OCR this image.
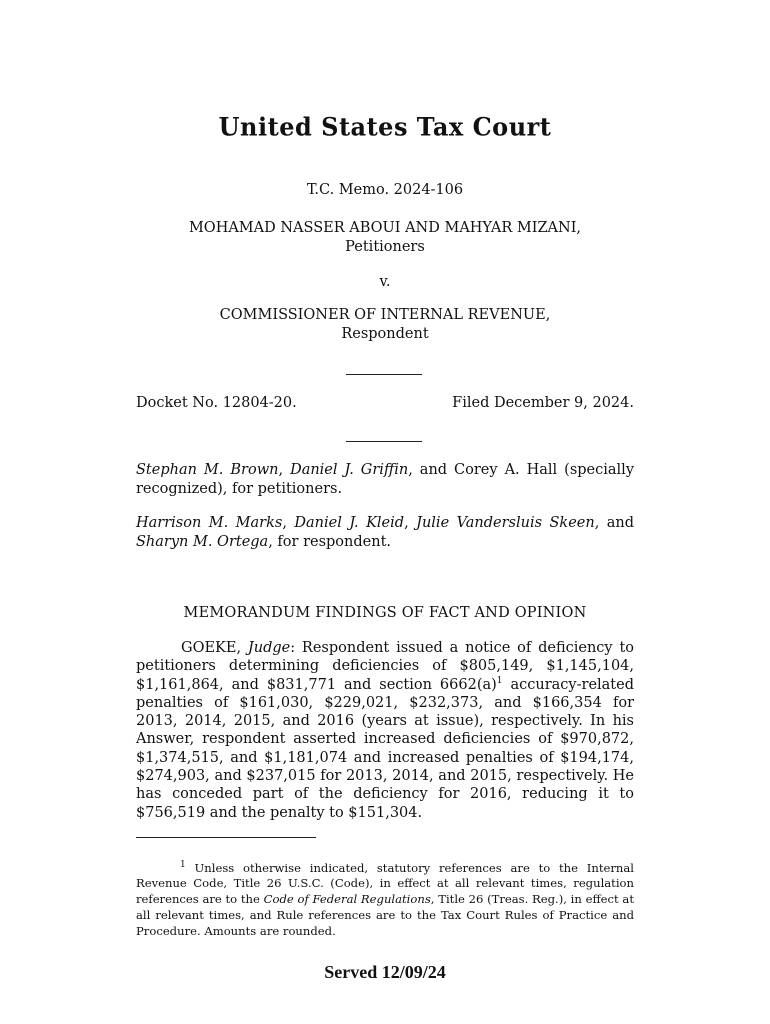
United States Tax Court
T.C. Memo. 2024-106
MOHAMAD NASSER ABOUI AND MAHYAR MIZANI,
Petitioners
v.
COMMISSIONER OF INTERNAL REVENUE,
Respondent
Docket No. 12804-20.	Filed December 9, 2024.

Stephan M. Brown, Daniel J. Griffin, and Corey A. Hall (specially recognized), for petitioners.

Harrison M. Marks, Daniel J. Kleid, Julie Vandersluis Skeen, and Sharyn M. Ortega, for respondent.

MEMORANDUM FINDINGS OF FACT AND OPINION

GOEKE, Judge: Respondent issued a notice of deficiency to petitioners determining deficiencies of $805,149, $1,145,104, $1,161,864, and $831,771 and section $6662(a)^1$ accuracy-related penalties of $161,030, $229,021, $232,373, and $166,354 for 2013, 2014, 2015, and 2016 (years at issue), respectively. In his Answer, respondent asserted increased deficiencies of $970,872, $1,374,515, and $1,181,074 and increased penalties of $194,174, $274,903, and $237,015 for 2013, 2014, and 2015, respectively. He has conceded part of the deficiency for 2016, reducing it to $756,519 and the penalty to $151,304.

$^1$ Unless otherwise indicated, statutory references are to the Internal Revenue Code, Title 26 U.S.C. (Code), in effect at all relevant times, regulation references are to the Code of Federal Regulations, Title 26 (Treas. Reg.), in effect at all relevant times, and Rule references are to the Tax Court Rules of Practice and Procedure. Amounts are rounded.

Served 12/09/24
